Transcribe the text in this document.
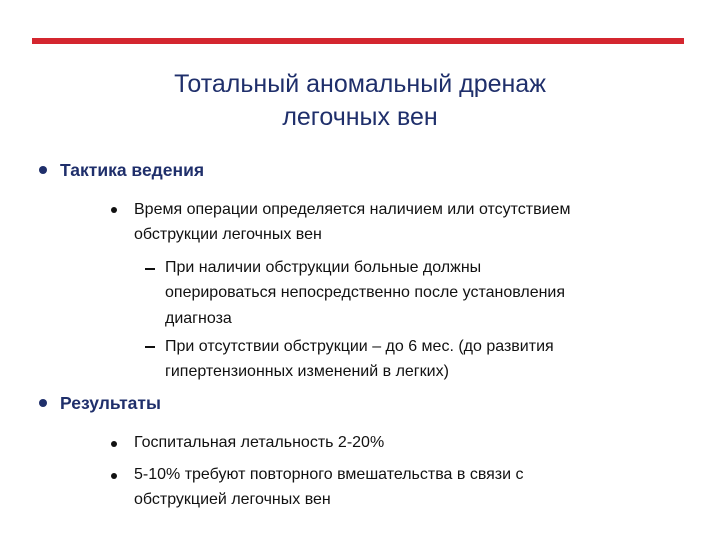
Тотальный аномальный дренаж
легочных вен
Тактика ведения
Время операции определяется наличием или отсутствием
обструкции легочных вен
При наличии обструкции больные должны
оперироваться непосредственно после установления
диагноза
При отсутствии обструкции – до 6 мес. (до развития
гипертензионных изменений в легких)
Результаты
Госпитальная летальность 2-20%
5-10% требуют повторного вмешательства в связи с
обструкцией легочных вен
